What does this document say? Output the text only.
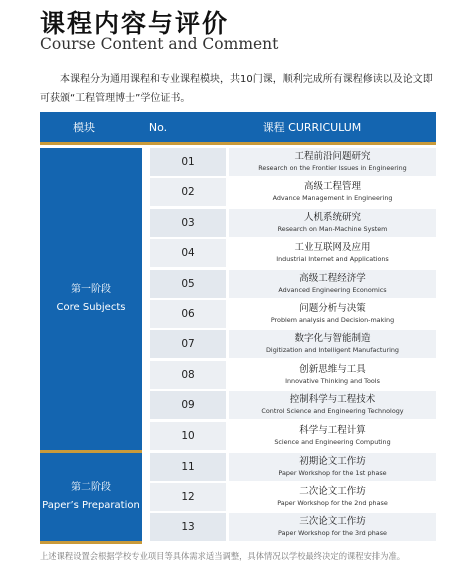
课程内容与评价
Course Content and Comment
本课程分为通用课程和专业课程模块，共10门课，顺利完成所有课程修读以及论文即可获颁“工程管理博士”学位证书。
模块	No.	课程 CURRICULUM
第一阶段
Core Subjects
01	工程前沿问题研究
Research on the Frontier Issues in Engineering
02	高级工程管理
Advance Management in Engineering
03	人机系统研究
Research on Man-Machine System
04	工业互联网及应用
Industrial Internet and Applications
05	高级工程经济学
Advanced Engineering Economics
06	问题分析与决策
Problem analysis and Decision-making
07	数字化与智能制造
Digitization and Intelligent Manufacturing
08	创新思维与工具
Innovative Thinking and Tools
09	控制科学与工程技术
Control Science and Engineering Technology
10	科学与工程计算
Science and Engineering Computing
第二阶段
Paper’s Preparation
11	初期论文工作坊
Paper Workshop for the 1st phase
12	二次论文工作坊
Paper Workshop for the 2nd phase
13	三次论文工作坊
Paper Workshop for the 3rd phase
上述课程设置会根据学校专业项目等具体需求适当调整，具体情况以学校最终决定的课程安排为准。
